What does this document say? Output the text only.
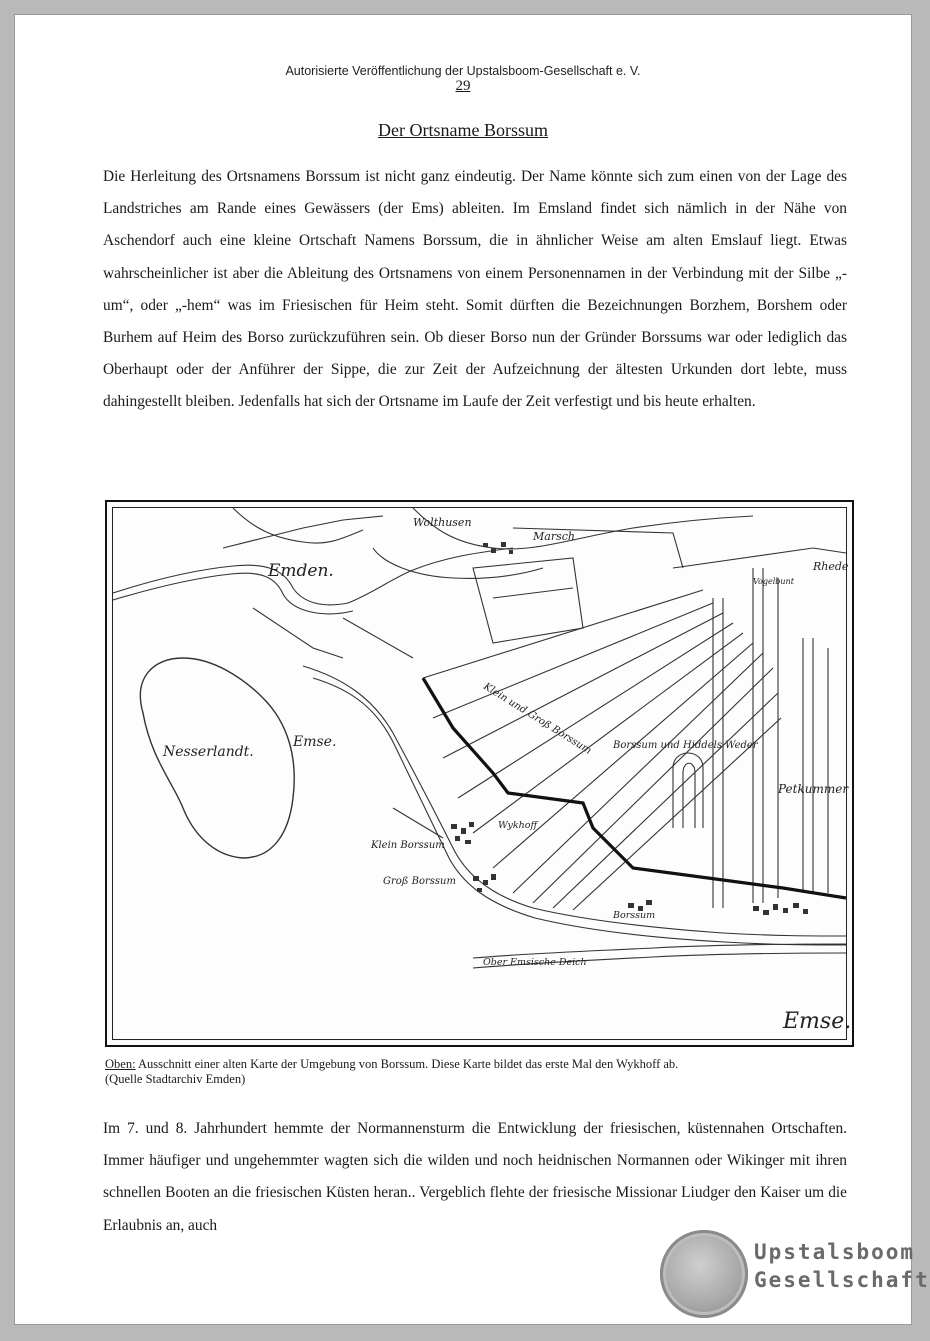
Autorisierte Veröffentlichung der Upstalsboom-Gesellschaft e. V.
29
Der Ortsname Borssum

Die Herleitung des Ortsnamens Borssum ist nicht ganz eindeutig. Der Name könnte sich zum einen von der Lage des Landstriches am Rande eines Gewässers (der Ems) ableiten. Im Emsland findet sich nämlich in der Nähe von Aschendorf auch eine kleine Ortschaft Namens Borssum, die in ähnlicher Weise am alten Emslauf liegt. Etwas wahrscheinlicher ist aber die Ableitung des Ortsnamens von einem Personennamen in der Verbindung mit der Silbe „-um“, oder „-hem“ was im Friesischen für Heim steht. Somit dürften die Bezeichnungen Borzhem, Borshem oder Burhem auf Heim des Borso zurückzuführen sein. Ob dieser Borso nun der Gründer Borssums war oder lediglich das Oberhaupt oder der Anführer der Sippe, die zur Zeit der Aufzeichnung der ältesten Urkunden dort lebte, muss dahingestellt bleiben. Jedenfalls hat sich der Ortsname im Laufe der Zeit verfestigt und bis heute erhalten.

Emden.
Wolthusen
Marsch
Nesserlandt.
Emse.	Klein und Groß Borssum Borssum und Hiddels Weder
Wykhoff
Klein Borssum
Groß Borssum
Borssum
Petkummer
Ober Emsische Deich
Emse.
Rhede
Vogelbunt

Oben: Ausschnitt einer alten Karte der Umgebung von Borssum. Diese Karte bildet das erste Mal den Wykhoff ab.
(Quelle Stadtarchiv Emden)

Im 7. und 8. Jahrhundert hemmte der Normannensturm die Entwicklung der friesischen, küstennahen Ortschaften. Immer häufiger und ungehemmter wagten sich die wilden und noch heidnischen Normannen oder Wikinger mit ihren schnellen Booten an die friesischen Küsten heran.. Vergeblich flehte der friesische Missionar Liudger den Kaiser um die Erlaubnis an, auch

Upstalsboom
Gesellschaft
